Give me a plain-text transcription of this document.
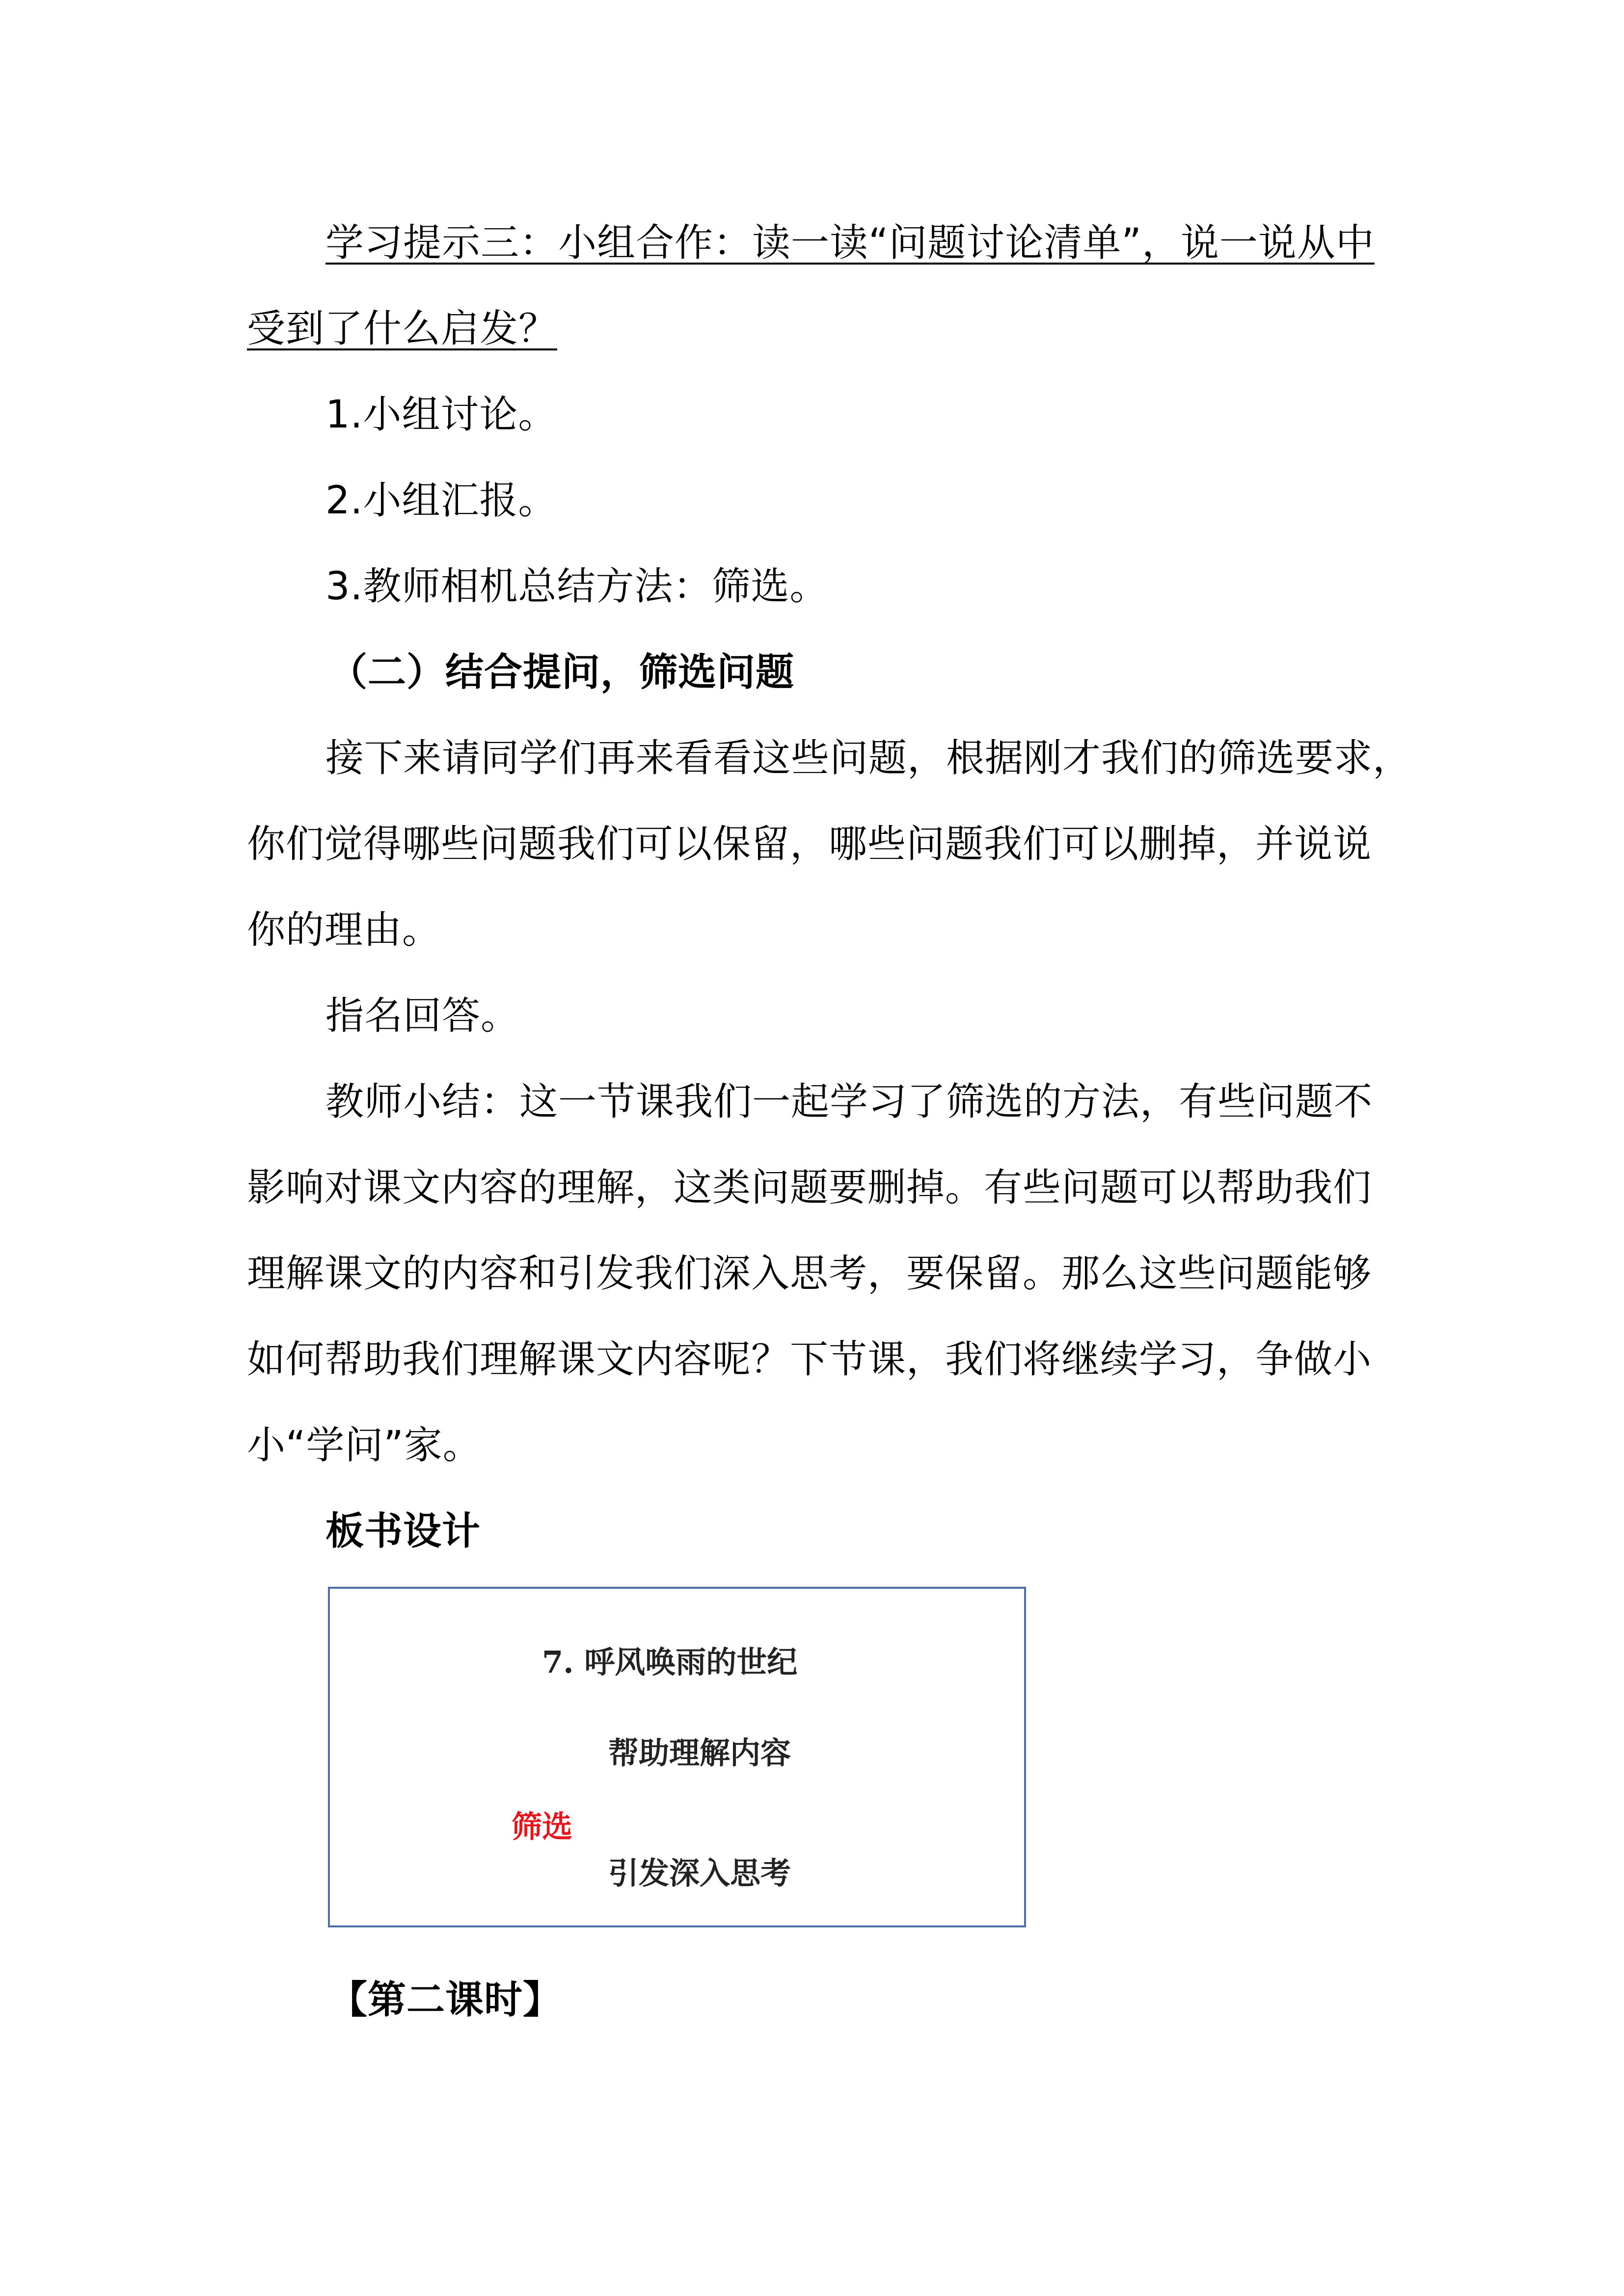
学习提示三：小组合作：读一读“问题讨论清单”，说一说从中
受到了什么启发？
1.小组讨论。
2.小组汇报。
3.教师相机总结方法：筛选。
（二）结合提问，筛选问题
接下来请同学们再来看看这些问题，根据刚才我们的筛选要求，
你们觉得哪些问题我们可以保留，哪些问题我们可以删掉，并说说
你的理由。
指名回答。
教师小结：这一节课我们一起学习了筛选的方法，有些问题不
影响对课文内容的理解，这类问题要删掉。有些问题可以帮助我们
理解课文的内容和引发我们深入思考，要保留。那么这些问题能够
如何帮助我们理解课文内容呢？下节课，我们将继续学习，争做小
小“学问”家。
板书设计
7. 呼风唤雨的世纪
帮助理解内容
筛选
引发深入思考
【第二课时】
